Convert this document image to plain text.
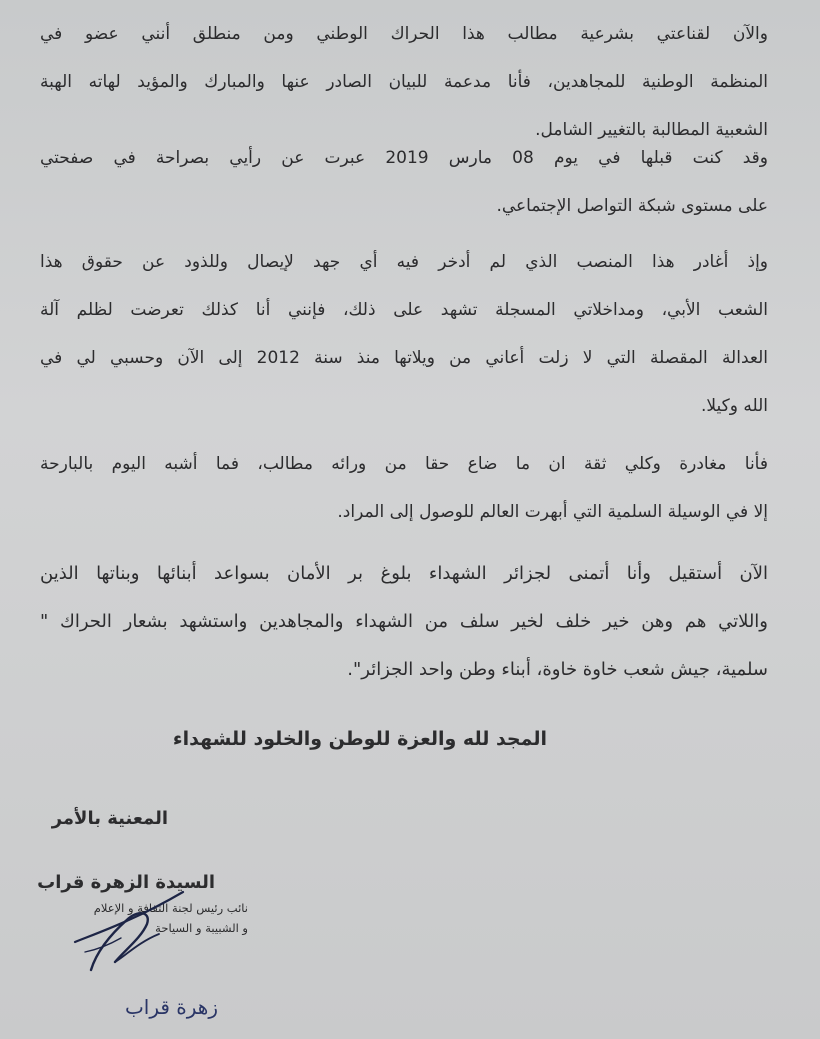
والآن لقناعتي بشرعية مطالب هذا الحراك الوطني ومن منطلق أنني عضو في
المنظمة الوطنية للمجاهدين، فأنا مدعمة للبيان الصادر عنها والمبارك والمؤيد لهاته الهبة
الشعبية المطالبة بالتغيير الشامل.
وقد كنت قبلها في يوم 08 مارس 2019 عبرت عن رأيي بصراحة في صفحتي
على مستوى شبكة التواصل الإجتماعي.
وإذ أغادر هذا المنصب الذي لم أدخر فيه أي جهد لإيصال وللذود عن حقوق هذا
الشعب الأبي، ومداخلاتي المسجلة تشهد على ذلك، فإنني أنا كذلك تعرضت لظلم آلة
العدالة المقصلة التي لا زلت أعاني من ويلاتها منذ سنة 2012 إلى الآن وحسبي لي في
الله وكيلا.
فأنا مغادرة وكلي ثقة ان ما ضاع حقا من ورائه مطالب، فما أشبه اليوم بالبارحة
إلا في الوسيلة السلمية التي أبهرت العالم للوصول إلى المراد.
الآن أستقيل وأنا أتمنى لجزائر الشهداء بلوغ بر الأمان بسواعد أبنائها وبناتها الذين
واللاتي هم وهن خير خلف لخير سلف من الشهداء والمجاهدين واستشهد بشعار الحراك "
سلمية، جيش شعب خاوة خاوة، أبناء وطن واحد الجزائر".
المجد لله والعزة للوطن والخلود للشهداء
المعنية بالأمر
السيدة الزهرة قراب
نائب رئيس لجنة الثقافة و الإعلام
و الشبيبة و السياحة
زهرة قراب
